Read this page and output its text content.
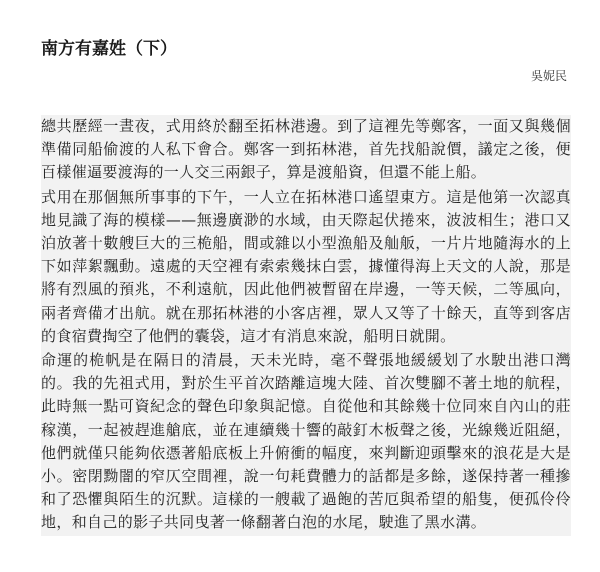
南方有嘉姓（下）
吳妮民

總共歷經一晝夜，式用終於翻至拓林港邊。到了這裡先等鄭客，一面又與幾個準備同船偷渡的人私下會合。鄭客一到拓林港，首先找船說價，議定之後，便百樣催逼要渡海的一人交三兩銀子，算是渡船資，但還不能上船。

式用在那個無所事事的下午，一人立在拓林港口遙望東方。這是他第一次認真地見識了海的模樣——無邊廣渺的水域，由天際起伏捲來，波波相生；港口又泊放著十數艘巨大的三桅船，間或雜以小型漁船及舢舨，一片片地隨海水的上下如萍絮飄動。遠處的天空裡有索索幾抹白雲，據懂得海上天文的人說，那是將有烈風的預兆，不利遠航，因此他們被暫留在岸邊，一等天候，二等風向，兩者齊備才出航。就在那拓林港的小客店裡，眾人又等了十餘天，直等到客店的食宿費掏空了他們的囊袋，這才有消息來說，船明日就開。

命運的桅帆是在隔日的清晨，天未光時，毫不聲張地緩緩划了水駛出港口灣的。我的先祖式用，對於生平首次踏離這塊大陸、首次雙腳不著土地的航程，此時無一點可資紀念的聲色印象與記憶。自從他和其餘幾十位同來自內山的莊稼漢，一起被趕進艙底，並在連續幾十響的敲釘木板聲之後，光線幾近阻絕，他們就僅只能夠依憑著船底板上升俯衝的幅度，來判斷迎頭擊來的浪花是大是小。密閉黝闇的窄仄空間裡，說一句耗費體力的話都是多餘，遂保持著一種摻和了恐懼與陌生的沉默。這樣的一艘載了過飽的苦厄與希望的船隻，便孤伶伶地，和自己的影子共同曳著一條翻著白泡的水尾，駛進了黑水溝。
